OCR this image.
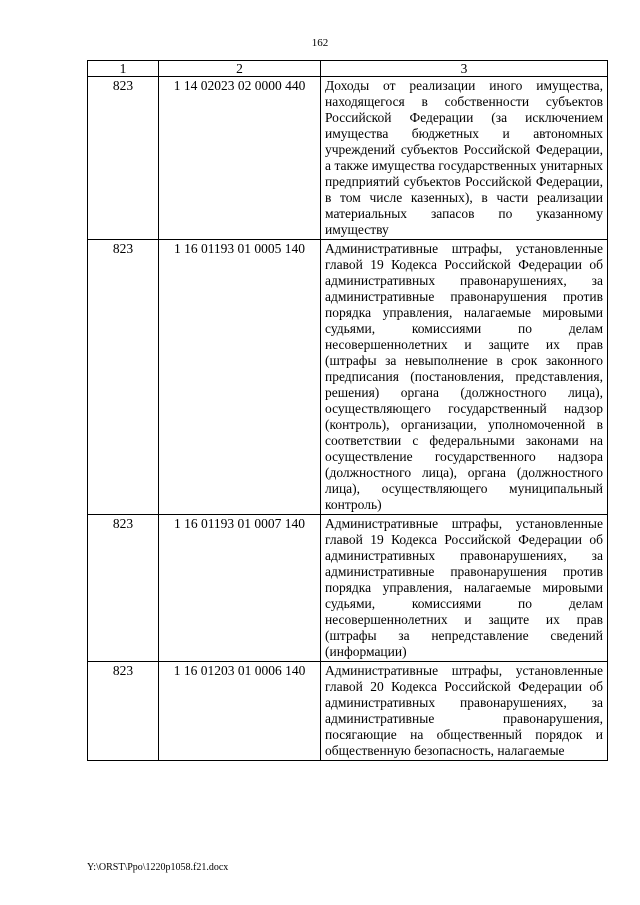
162
1	2	3
823	1 14 02023 02 0000 440	Доходы от реализации иного имущества, находящегося в собственности субъектов Российской Федерации (за исключением имущества бюджетных и автономных учреждений субъектов Российской Федерации, а также имущества государственных унитарных предприятий субъектов Российской Федерации, в том числе казенных), в части реализации материальных запасов по указанному имуществу
823	1 16 01193 01 0005 140	Административные штрафы, установленные главой 19 Кодекса Российской Федерации об административных правонарушениях, за административные правонарушения против порядка управления, налагаемые мировыми судьями, комиссиями по делам несовершеннолетних и защите их прав (штрафы за невыполнение в срок законного предписания (постановления, представления, решения) органа (должностного лица), осуществляющего государственный надзор (контроль), организации, уполномоченной в соответствии с федеральными законами на осуществление государственного надзора (должностного лица), органа (должностного лица), осуществляющего муниципальный контроль)
823	1 16 01193 01 0007 140	Административные штрафы, установленные главой 19 Кодекса Российской Федерации об административных правонарушениях, за административные правонарушения против порядка управления, налагаемые мировыми судьями, комиссиями по делам несовершеннолетних и защите их прав (штрафы за непредставление сведений (информации)
823	1 16 01203 01 0006 140	Административные штрафы, установленные главой 20 Кодекса Российской Федерации об административных правонарушениях, за административные правонарушения, посягающие на общественный порядок и общественную безопасность, налагаемые
Y:\ORST\Ppo\1220p1058.f21.docx
